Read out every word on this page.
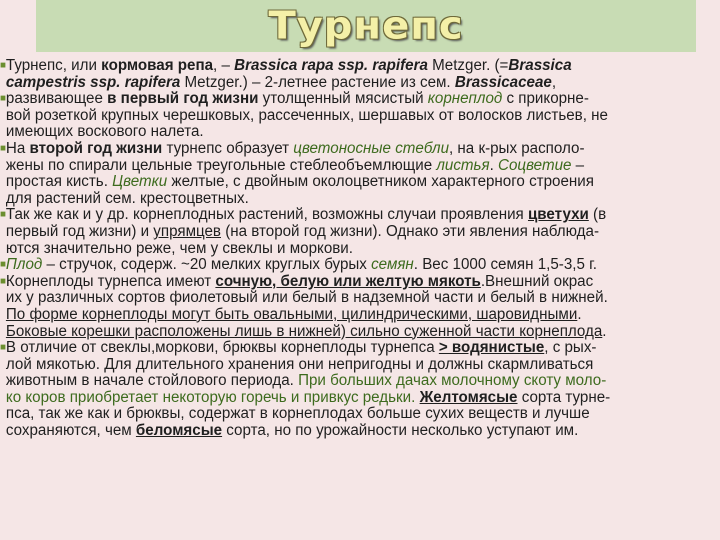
Турнепс
■ Турнепс, или кормовая репа, – Brassica rapa ssp. rapifera Metzger. (=Brassica
campestris ssp. rapifera Metzger.) – 2-летнее растение из сем. Brassicaceae,
■ развивающее в первый год жизни утолщенный мясистый корнеплод с прикорне-
вой розеткой крупных черешковых, рассеченных, шершавых от волосков листьев, не
имеющих воскового налета.
■ На второй год жизни турнепс образует цветоносные стебли, на к-рых располо-
жены по спирали цельные треугольные стеблеобъемлющие листья. Соцветие –
простая кисть. Цветки желтые, с двойным околоцветником характерного строения
для растений сем. крестоцветных.
■ Так же как и у др. корнеплодных растений, возможны случаи проявления цветухи (в
первый год жизни) и упрямцев (на второй год жизни). Однако эти явления наблюда-
ются значительно реже, чем у свеклы и моркови.
■ Плод – стручок, содерж. ~20 мелких круглых бурых семян. Вес 1000 семян 1,5-3,5 г.
■ Корнеплоды турнепса имеют сочную, белую или желтую мякоть.Внешний окрас
их у различных сортов фиолетовый или белый в надземной части и белый в нижней.
По форме корнеплоды могут быть овальными, цилиндрическими, шаровидными.
Боковые корешки расположены лишь в нижней) сильно суженной части корнеплода.
■ В отличие от свеклы,моркови, брюквы корнеплоды турнепса > водянистые, с рых-
лой мякотью. Для длительного хранения они непригодны и должны скармливаться
животным в начале стойлового периода. При больших дачах молочному скоту моло-
ко коров приобретает некоторую горечь и привкус редьки. Желтомясые сорта турне-
пса, так же как и брюквы, содержат в корнеплодах больше сухих веществ и лучше
сохраняются, чем беломясые сорта, но по урожайности несколько уступают им.
